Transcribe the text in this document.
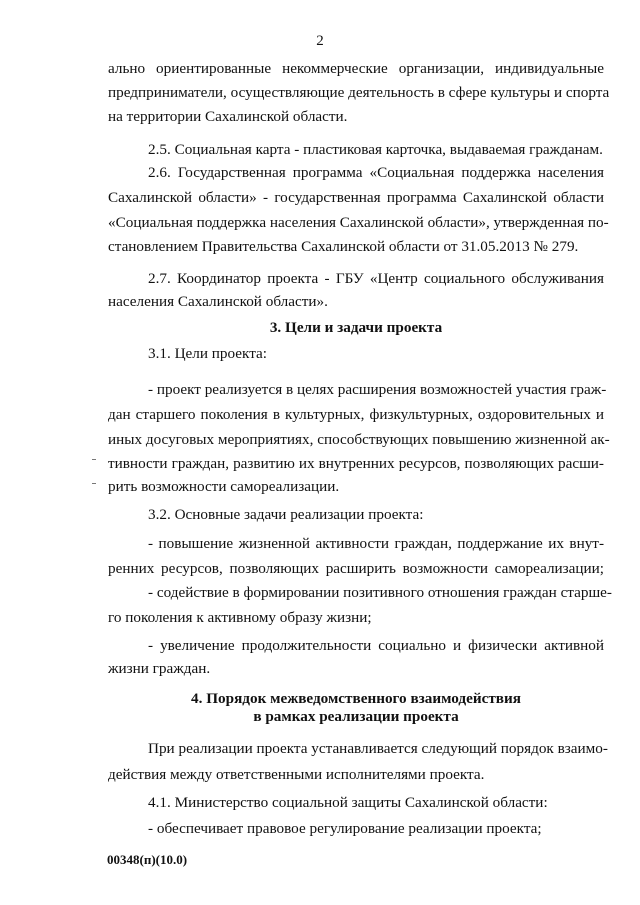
2
ально ориентированные некоммерческие организации, индивидуальные
предприниматели, осуществляющие деятельность в сфере культуры и спорта
на территории Сахалинской области.
2.5. Социальная карта - пластиковая карточка, выдаваемая гражданам.
2.6. Государственная программа «Социальная поддержка населения
Сахалинской области» - государственная программа Сахалинской области
«Социальная поддержка населения Сахалинской области», утвержденная по-
становлением Правительства Сахалинской области от 31.05.2013 № 279.
2.7. Координатор проекта - ГБУ «Центр социального обслуживания
населения Сахалинской области».
3. Цели и задачи проекта
3.1. Цели проекта:
- проект реализуется в целях расширения возможностей участия граж-
дан старшего поколения в культурных, физкультурных, оздоровительных и
иных досуговых мероприятиях, способствующих повышению жизненной ак-
тивности граждан, развитию их внутренних ресурсов, позволяющих расши-
рить возможности самореализации.
3.2. Основные задачи реализации проекта:
- повышение жизненной активности граждан, поддержание их внут-
ренних ресурсов, позволяющих расширить возможности самореализации;
- содействие в формировании позитивного отношения граждан старше-
го поколения к активному образу жизни;
- увеличение продолжительности социально и физически активной
жизни граждан.
4. Порядок межведомственного взаимодействия
в рамках реализации проекта
При реализации проекта устанавливается следующий порядок взаимо-
действия между ответственными исполнителями проекта.
4.1. Министерство социальной защиты Сахалинской области:
00348(п)(10.0)
- обеспечивает правовое регулирование реализации проекта;
